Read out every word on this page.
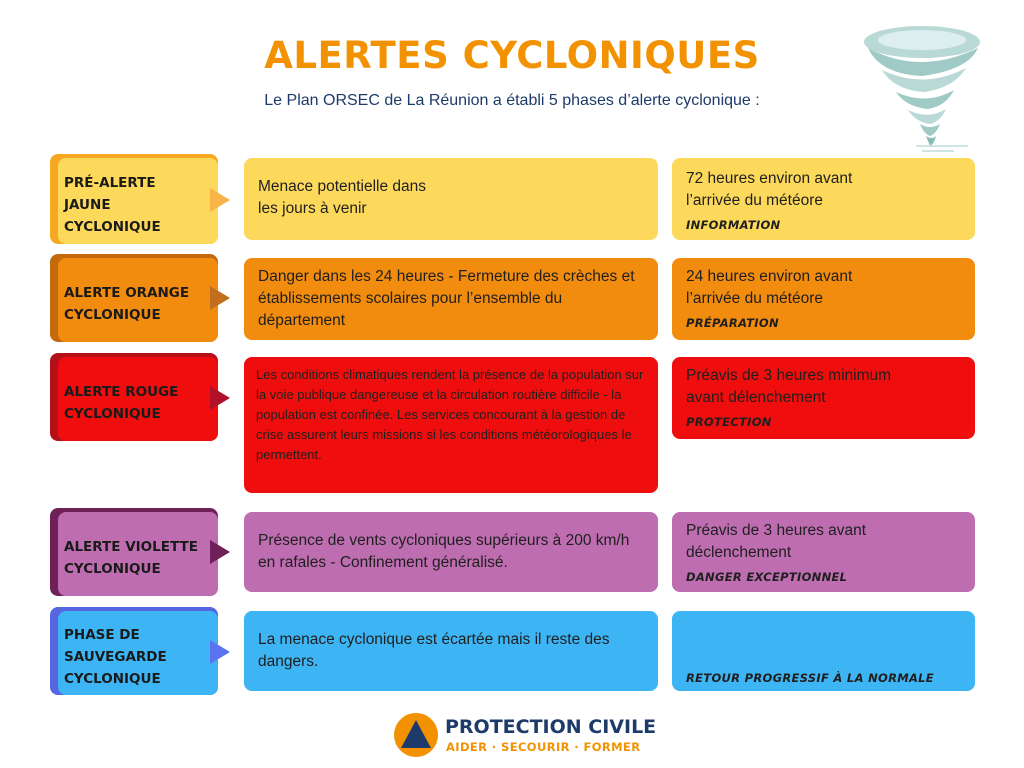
ALERTES CYCLONIQUES
Le Plan ORSEC de La Réunion a établi 5 phases d’alerte cyclonique :
PRÉ-ALERTE
JAUNE
CYCLONIQUE
Menace potentielle dans
les jours à venir
72 heures environ avant
l’arrivée du météore
INFORMATION
ALERTE ORANGE
CYCLONIQUE
Danger dans les 24 heures - Fermeture des crèches et établissements scolaires pour l’ensemble du département
24 heures environ avant
l’arrivée du météore
PRÉPARATION
ALERTE ROUGE
CYCLONIQUE
Les conditions climatiques rendent la présence de la population sur la voie publique dangereuse et la circulation routière difficile - la population est confinée. Les services concourant à la gestion de crise assurent leurs missions si les conditions météorologiques le permettent.
Préavis de 3 heures minimum
avant délenchement
PROTECTION
ALERTE VIOLETTE
CYCLONIQUE
Présence de vents cycloniques supérieurs à 200 km/h en rafales - Confinement généralisé.
Préavis de 3 heures avant
déclenchement
DANGER EXCEPTIONNEL
PHASE DE
SAUVEGARDE
CYCLONIQUE
La menace cyclonique est écartée mais il reste des dangers.
RETOUR PROGRESSIF À LA NORMALE
PROTECTION CIVILE
AIDER · SECOURIR · FORMER
